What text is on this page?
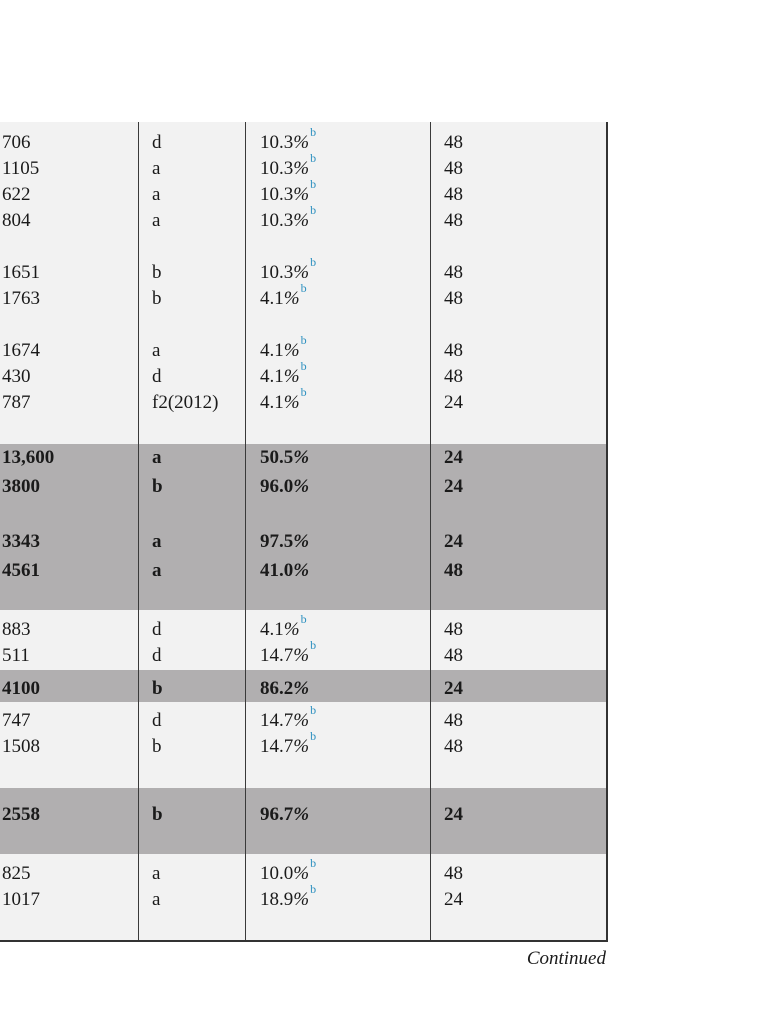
706	d	10.3%$^b$	48
1105	a	10.3%$^b$	48
622	a	10.3%$^b$	48
804	a	10.3%$^b$	48
1651	b	10.3%$^b$	48
1763	b	4.1%$^b$	48
1674	a	4.1%$^b$	48
430	d	4.1%$^b$	48
787	f2(2012) 4.1%$^b$	24
13,600	a	50.5%	24
3800	b	96.0%	24
3343	a	97.5%	24
4561	a	41.0%	48
883	d	4.1%$^b$	48
511	d	14.7%$^b$	48
4100	b	86.2%	24
747	d	14.7%$^b$	48
1508	b	14.7%$^b$	48
2558	b	96.7%	24
825	a	10.0%$^b$	48
1017	a	18.9%$^b$	24
Continued
